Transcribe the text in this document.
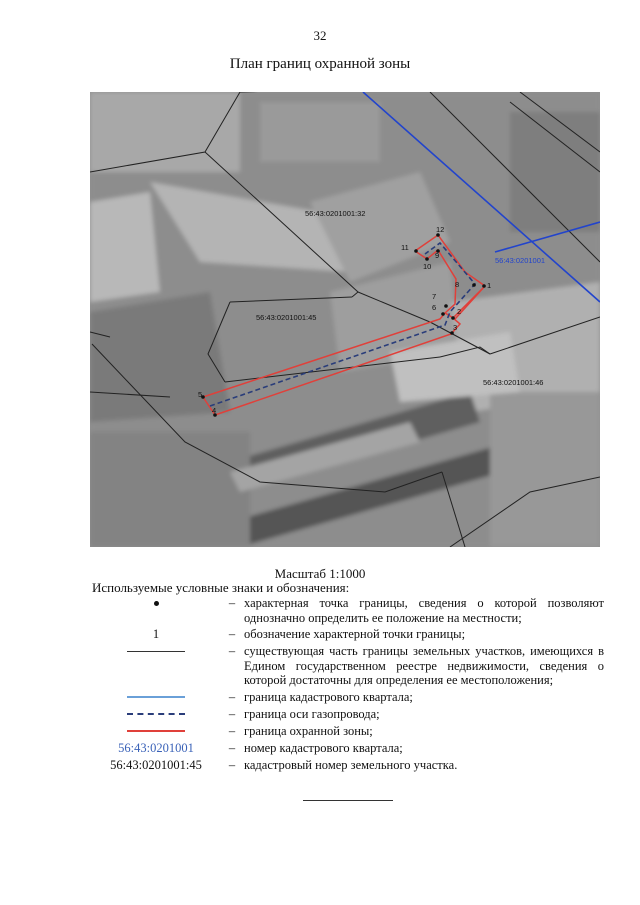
32
План границ охранной зоны
1
2
3
4
5
6
7
8
9
10
11
12
56:43:0201001:32
56:43:0201001:45
56:43:0201001:46
56:43:0201001
Масштаб 1:1000
Используемые условные знаки и обозначения:
– характерная точка границы, сведения о которой позволяют однозначно определить ее положение на местности;
1	– обозначение характерной точки границы;
– существующая часть границы земельных участков, имеющихся в Едином государственном реестре недвижимости, сведения о которой достаточны для определения ее местоположения;
– граница кадастрового квартала;
– граница оси газопровода;
– граница охранной зоны;
56:43:0201001	– номер кадастрового квартала;
56:43:0201001:45	– кадастровый номер земельного участка.
